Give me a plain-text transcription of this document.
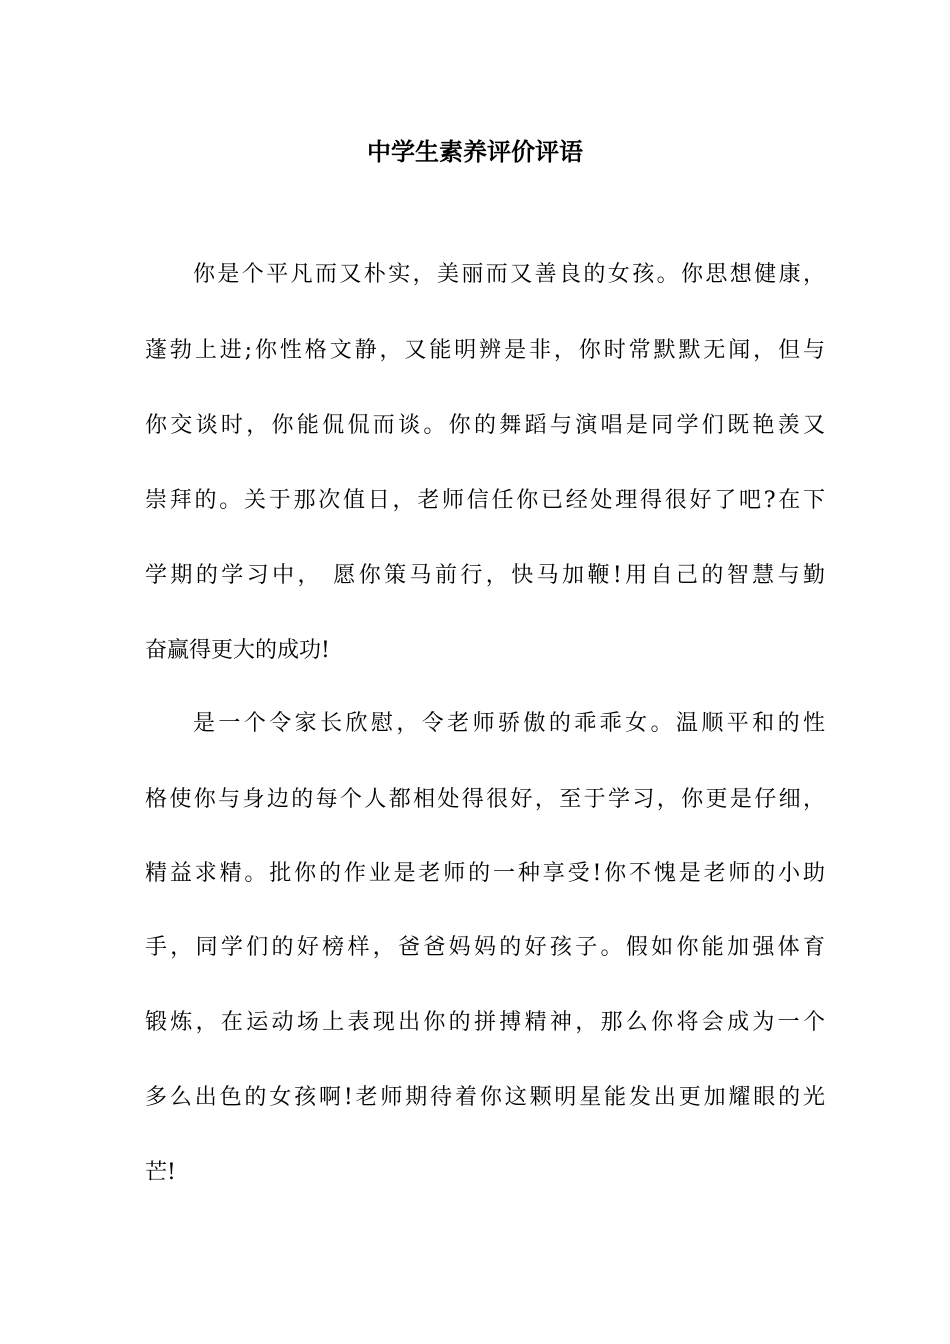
中学生素养评价评语

你是个平凡而又朴实，美丽而又善良的女孩。你思想健康，

蓬勃上进;你性格文静，又能明辨是非，你时常默默无闻，但与

你交谈时，你能侃侃而谈。你的舞蹈与演唱是同学们既艳羡又

崇拜的。关于那次值日，老师信任你已经处理得很好了吧?在下

学期的学习中， 愿你策马前行，快马加鞭!用自己的智慧与勤

奋赢得更大的成功!

是一个令家长欣慰，令老师骄傲的乖乖女。温顺平和的性

格使你与身边的每个人都相处得很好，至于学习，你更是仔细，

精益求精。批你的作业是老师的一种享受!你不愧是老师的小助

手，同学们的好榜样，爸爸妈妈的好孩子。假如你能加强体育

锻炼，在运动场上表现出你的拼搏精神，那么你将会成为一个

多么出色的女孩啊!老师期待着你这颗明星能发出更加耀眼的光

芒!
